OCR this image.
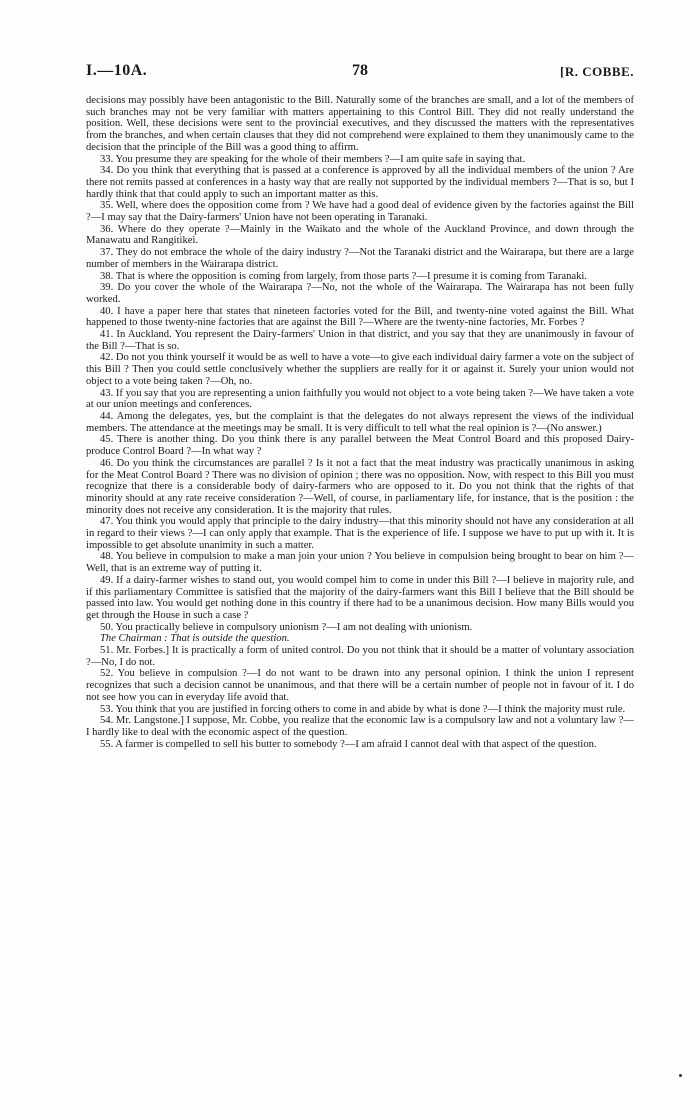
I.—10A.	78	[R. COBBE.

decisions may possibly have been antagonistic to the Bill. Naturally some of the branches are small, and a lot of the members of such branches may not be very familiar with matters appertaining to this Control Bill. They did not really understand the position. Well, these decisions were sent to the provincial executives, and they discussed the matters with the representatives from the branches, and when certain clauses that they did not comprehend were explained to them they unanimously came to the decision that the principle of the Bill was a good thing to affirm.

33. You presume they are speaking for the whole of their members ?—I am quite safe in saying that.

34. Do you think that everything that is passed at a conference is approved by all the individual members of the union ? Are there not remits passed at conferences in a hasty way that are really not supported by the individual members ?—That is so, but I hardly think that that could apply to such an important matter as this.

35. Well, where does the opposition come from ? We have had a good deal of evidence given by the factories against the Bill ?—I may say that the Dairy-farmers' Union have not been operating in Taranaki.

36. Where do they operate ?—Mainly in the Waikato and the whole of the Auckland Province, and down through the Manawatu and Rangitikei.

37. They do not embrace the whole of the dairy industry ?—Not the Taranaki district and the Wairarapa, but there are a large number of members in the Wairarapa district.

38. That is where the opposition is coming from largely, from those parts ?—I presume it is coming from Taranaki.

39. Do you cover the whole of the Wairarapa ?—No, not the whole of the Wairarapa. The Wairarapa has not been fully worked.

40. I have a paper here that states that nineteen factories voted for the Bill, and twenty-nine voted against the Bill. What happened to those twenty-nine factories that are against the Bill ?—Where are the twenty-nine factories, Mr. Forbes ?

41. In Auckland. You represent the Dairy-farmers' Union in that district, and you say that they are unanimously in favour of the Bill ?—That is so.

42. Do not you think yourself it would be as well to have a vote—to give each individual dairy farmer a vote on the subject of this Bill ? Then you could settle conclusively whether the suppliers are really for it or against it. Surely your union would not object to a vote being taken ?—Oh, no.

43. If you say that you are representing a union faithfully you would not object to a vote being taken ?—We have taken a vote at our union meetings and conferences.

44. Among the delegates, yes, but the complaint is that the delegates do not always represent the views of the individual members. The attendance at the meetings may be small. It is very difficult to tell what the real opinion is ?—(No answer.)

45. There is another thing. Do you think there is any parallel between the Meat Control Board and this proposed Dairy-produce Control Board ?—In what way ?

46. Do you think the circumstances are parallel ? Is it not a fact that the meat industry was practically unanimous in asking for the Meat Control Board ? There was no division of opinion ; there was no opposition. Now, with respect to this Bill you must recognize that there is a considerable body of dairy-farmers who are opposed to it. Do you not think that the rights of that minority should at any rate receive consideration ?—Well, of course, in parliamentary life, for instance, that is the position : the minority does not receive any consideration. It is the majority that rules.

47. You think you would apply that principle to the dairy industry—that this minority should not have any consideration at all in regard to their views ?—I can only apply that example. That is the experience of life. I suppose we have to put up with it. It is impossible to get absolute unanimity in such a matter.

48. You believe in compulsion to make a man join your union ? You believe in compulsion being brought to bear on him ?—Well, that is an extreme way of putting it.

49. If a dairy-farmer wishes to stand out, you would compel him to come in under this Bill ?—I believe in majority rule, and if this parliamentary Committee is satisfied that the majority of the dairy-farmers want this Bill I believe that the Bill should be passed into law. You would get nothing done in this country if there had to be a unanimous decision. How many Bills would you get through the House in such a case ?

50. You practically believe in compulsory unionism ?—I am not dealing with unionism.

The Chairman : That is outside the question.

51. Mr. Forbes.] It is practically a form of united control. Do you not think that it should be a matter of voluntary association ?—No, I do not.

52. You believe in compulsion ?—I do not want to be drawn into any personal opinion. I think the union I represent recognizes that such a decision cannot be unanimous, and that there will be a certain number of people not in favour of it. I do not see how you can in everyday life avoid that.

53. You think that you are justified in forcing others to come in and abide by what is done ?—I think the majority must rule.

54. Mr. Langstone.] I suppose, Mr. Cobbe, you realize that the economic law is a compulsory law and not a voluntary law ?—I hardly like to deal with the economic aspect of the question.

55. A farmer is compelled to sell his butter to somebody ?—I am afraid I cannot deal with that aspect of the question.
